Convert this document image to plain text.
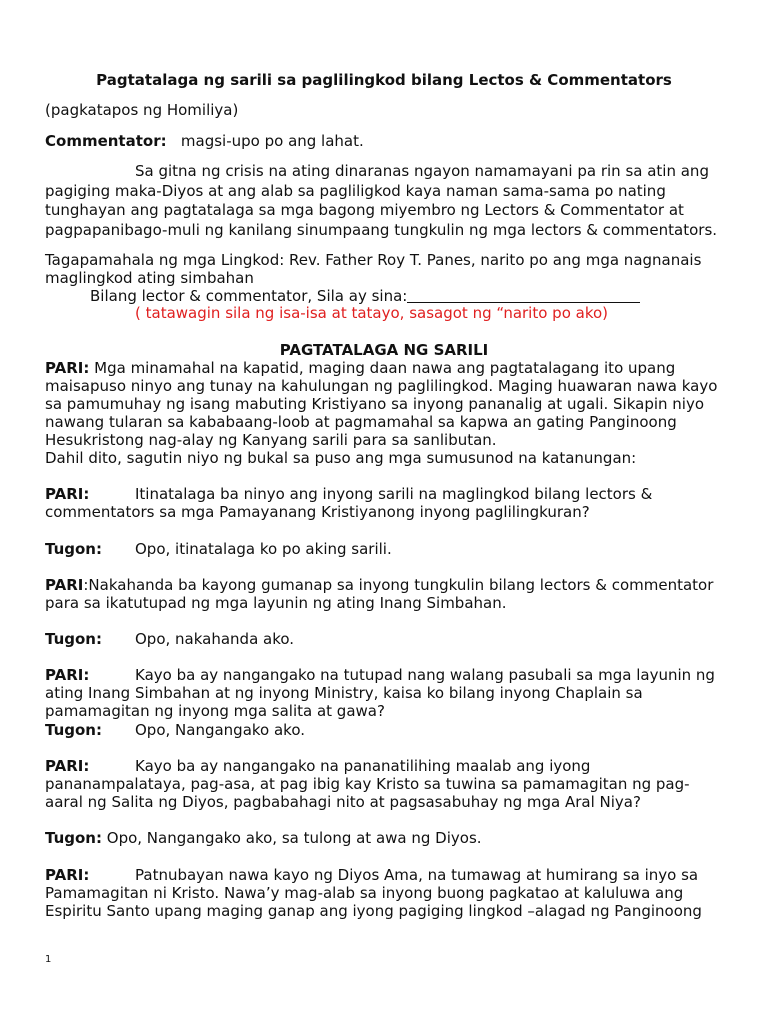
Pagtatalaga ng sarili sa paglilingkod bilang Lectos & Commentators

(pagkatapos ng Homiliya)

Commentator: magsi-upo po ang lahat.

Sa gitna ng crisis na ating dinaranas ngayon namamayani pa rin sa atin ang pagiging maka-Diyos at ang alab sa pagliligkod kaya naman sama-sama po nating tunghayan ang pagtatalaga sa mga bagong miyembro ng Lectors & Commentator at pagpapanibago-muli ng kanilang sinumpaang tungkulin ng mga lectors & commentators.

Tagapamahala ng mga Lingkod: Rev. Father Roy T. Panes, narito po ang mga nagnanais maglingkod ating simbahan

Bilang lector & commentator, Sila ay sina:

( tatawagin sila ng isa-isa at tatayo, sasagot ng “narito po ako)

PAGTATALAGA NG SARILI

PARI: Mga minamahal na kapatid, maging daan nawa ang pagtatalagang ito upang maisapuso ninyo ang tunay na kahulungan ng paglilingkod. Maging huawaran nawa kayo sa pamumuhay ng isang mabuting Kristiyano sa inyong pananalig at ugali. Sikapin niyo nawang tularan sa kababaang-loob at pagmamahal sa kapwa an gating Panginoong Hesukristong nag-alay ng Kanyang sarili para sa sanlibutan.

Dahil dito, sagutin niyo ng bukal sa puso ang mga sumusunod na katanungan:

PARI:	Itinatalaga ba ninyo ang inyong sarili na maglingkod bilang lectors & commentators sa mga Pamayanang Kristiyanong inyong paglilingkuran?

Tugon: Opo, itinatalaga ko po aking sarili.

PARI:Nakahanda ba kayong gumanap sa inyong tungkulin bilang lectors & commentator para sa ikatutupad ng mga layunin ng ating Inang Simbahan.

Tugon: Opo, nakahanda ako.

PARI:	Kayo ba ay nangangako na tutupad nang walang pasubali sa mga layunin ng ating Inang Simbahan at ng inyong Ministry, kaisa ko bilang inyong Chaplain sa pamamagitan ng inyong mga salita at gawa?

Tugon: Opo, Nangangako ako.

PARI:	Kayo ba ay nangangako na pananatilihing maalab ang iyong pananampalataya, pag-asa, at pag ibig kay Kristo sa tuwina sa pamamagitan ng pag-aaral ng Salita ng Diyos, pagbabahagi nito at pagsasabuhay ng mga Aral Niya?

Tugon: Opo, Nangangako ako, sa tulong at awa ng Diyos.

PARI:	Patnubayan nawa kayo ng Diyos Ama, na tumawag at humirang sa inyo sa Pamamagitan ni Kristo. Nawa’y mag-alab sa inyong buong pagkatao at kaluluwa ang Espiritu Santo upang maging ganap ang iyong pagiging lingkod –alagad ng Panginoong

1
